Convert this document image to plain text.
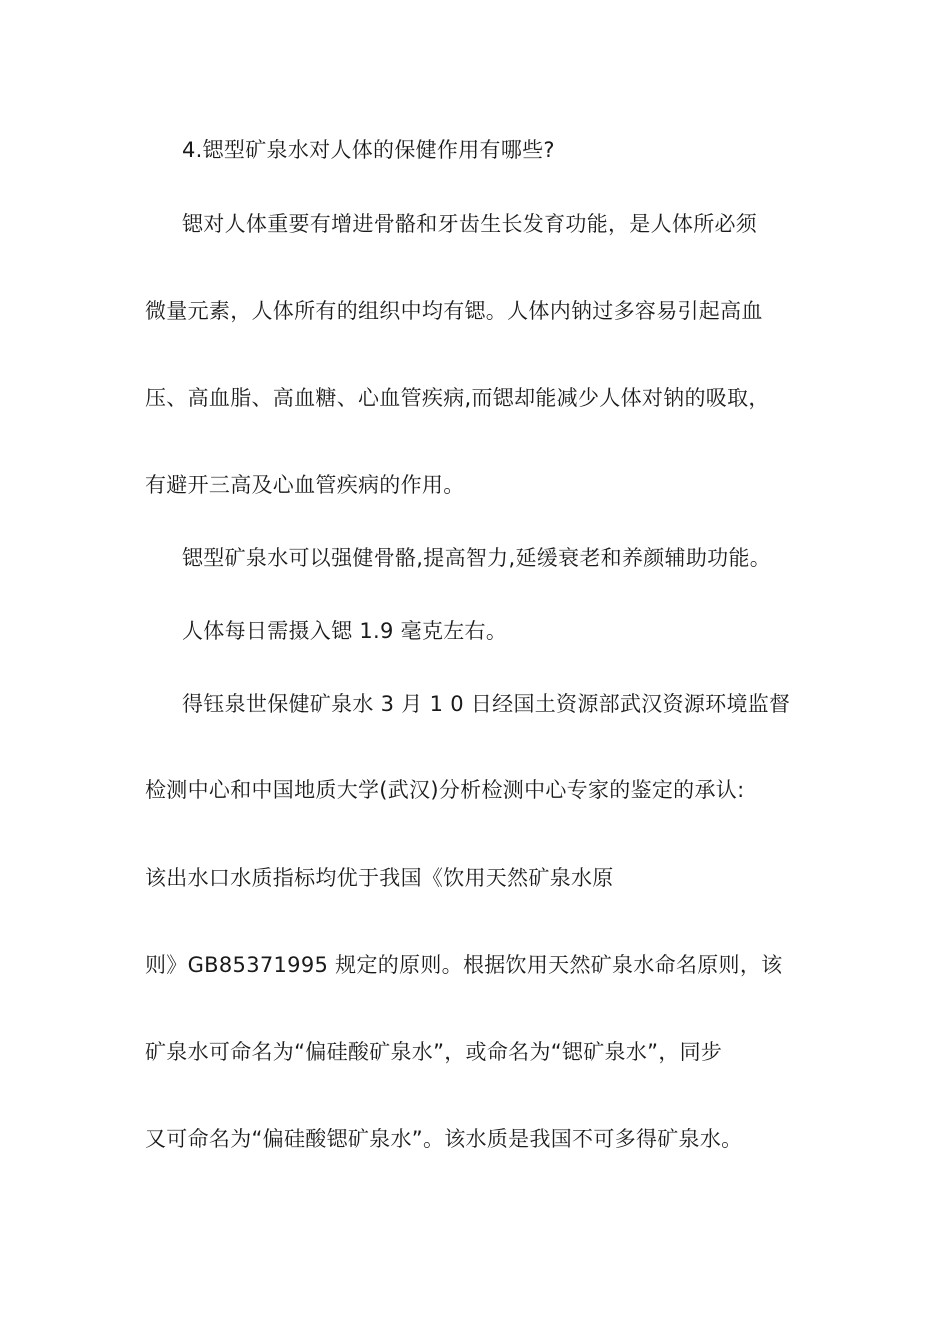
4.锶型矿泉水对人体的保健作用有哪些?
锶对人体重要有增进骨骼和牙齿生长发育功能，是人体所必须
微量元素，人体所有的组织中均有锶。人体内钠过多容易引起高血
压、高血脂、高血糖、心血管疾病,而锶却能减少人体对钠的吸取，
有避开三高及心血管疾病的作用。
锶型矿泉水可以强健骨骼,提高智力,延缓衰老和养颜辅助功能。
人体每日需摄入锶 1.9 毫克左右。
得钰泉世保健矿泉水 3 月 1 0 日经国土资源部武汉资源环境监督
检测中心和中国地质大学(武汉)分析检测中心专家的鉴定的承认:
该出水口水质指标均优于我国《饮用天然矿泉水原
则》GB85371995 规定的原则。根据饮用天然矿泉水命名原则，该
矿泉水可命名为“偏硅酸矿泉水”，或命名为“锶矿泉水”，同步
又可命名为“偏硅酸锶矿泉水”。该水质是我国不可多得矿泉水。
